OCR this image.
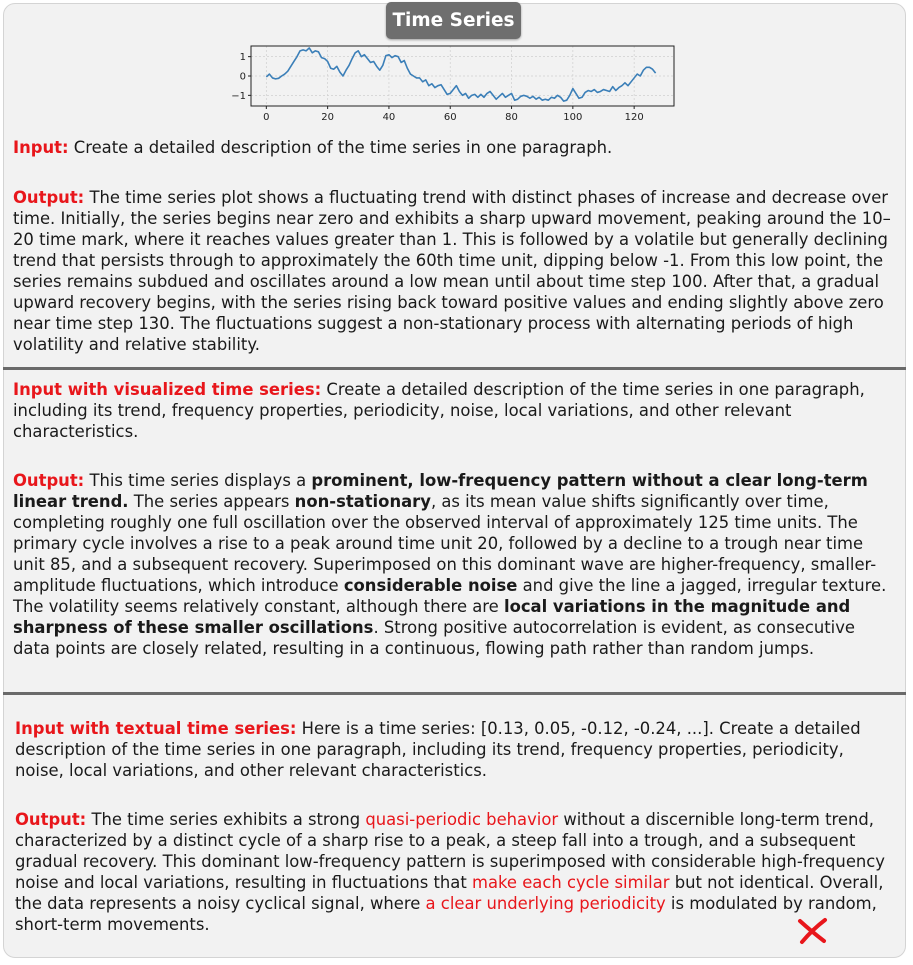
Time Series
0	20	40	60	80	100	120
−1
0
1

Input: Create a detailed description of the time series in one paragraph.

Output: The time series plot shows a fluctuating trend with distinct phases of increase and decrease over time. Initially, the series begins near zero and exhibits a sharp upward movement, peaking around the 10–20 time mark, where it reaches values greater than 1. This is followed by a volatile but generally declining trend that persists through to approximately the 60th time unit, dipping below -1. From this low point, the series remains subdued and oscillates around a low mean until about time step 100. After that, a gradual upward recovery begins, with the series rising back toward positive values and ending slightly above zero near time step 130. The fluctuations suggest a non-stationary process with alternating periods of high volatility and relative stability.

Input with visualized time series: Create a detailed description of the time series in one paragraph, including its trend, frequency properties, periodicity, noise, local variations, and other relevant characteristics.

Output: This time series displays a prominent, low-frequency pattern without a clear long-term linear trend. The series appears non-stationary, as its mean value shifts significantly over time, completing roughly one full oscillation over the observed interval of approximately 125 time units. The primary cycle involves a rise to a peak around time unit 20, followed by a decline to a trough near time unit 85, and a subsequent recovery. Superimposed on this dominant wave are higher-frequency, smaller-amplitude fluctuations, which introduce considerable noise and give the line a jagged, irregular texture. The volatility seems relatively constant, although there are local variations in the magnitude and sharpness of these smaller oscillations. Strong positive autocorrelation is evident, as consecutive data points are closely related, resulting in a continuous, flowing path rather than random jumps.

Input with textual time series: Here is a time series: [0.13, 0.05, -0.12, -0.24, ...]. Create a detailed description of the time series in one paragraph, including its trend, frequency properties, periodicity, noise, local variations, and other relevant characteristics.

Output: The time series exhibits a strong quasi-periodic behavior without a discernible long-term trend, characterized by a distinct cycle of a sharp rise to a peak, a steep fall into a trough, and a subsequent gradual recovery. This dominant low-frequency pattern is superimposed with considerable high-frequency noise and local variations, resulting in fluctuations that make each cycle similar but not identical. Overall, the data represents a noisy cyclical signal, where a clear underlying periodicity is modulated by random, short-term movements.
